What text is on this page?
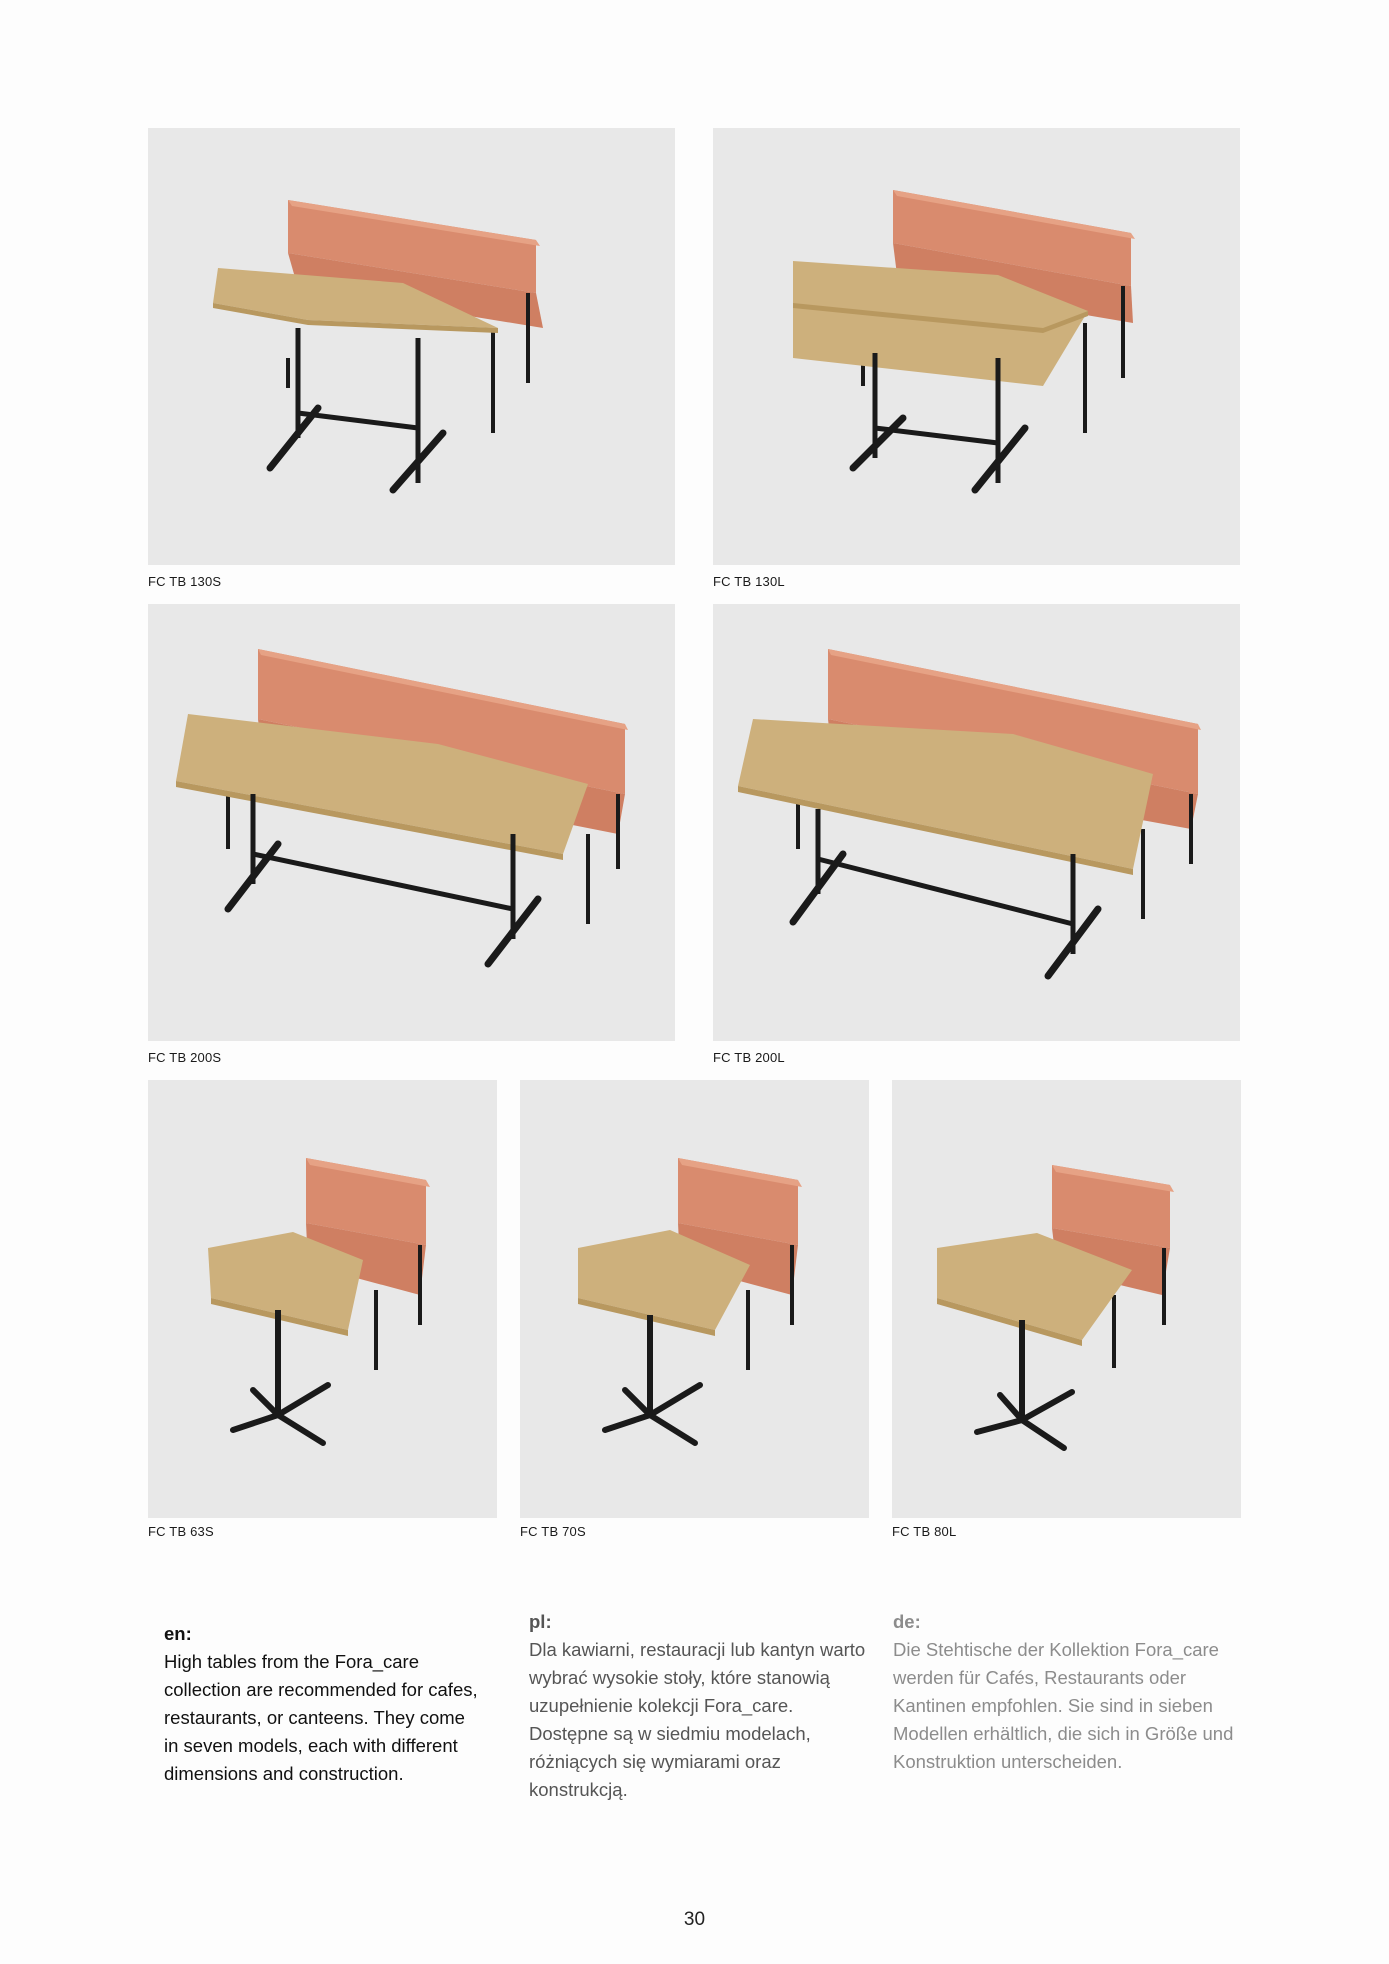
FC TB 130S	FC TB 130L
FC TB 200S	FC TB 200L
FC TB 63S	FC TB 70S	FC TB 80L
en:
High tables from the Fora_care collection are recommended for cafes, restaurants, or canteens. They come in seven models, each with different dimensions and construction.
pl:
Dla kawiarni, restauracji lub kantyn warto wybrać wysokie stoły, które stanowią uzupełnienie kolekcji Fora_care. Dostępne są w siedmiu modelach, różniących się wymiarami oraz konstrukcją.
de:
Die Stehtische der Kollektion Fora_care werden für Cafés, Restaurants oder Kantinen empfohlen. Sie sind in sieben Modellen erhältlich, die sich in Größe und Konstruktion unterscheiden.
30
